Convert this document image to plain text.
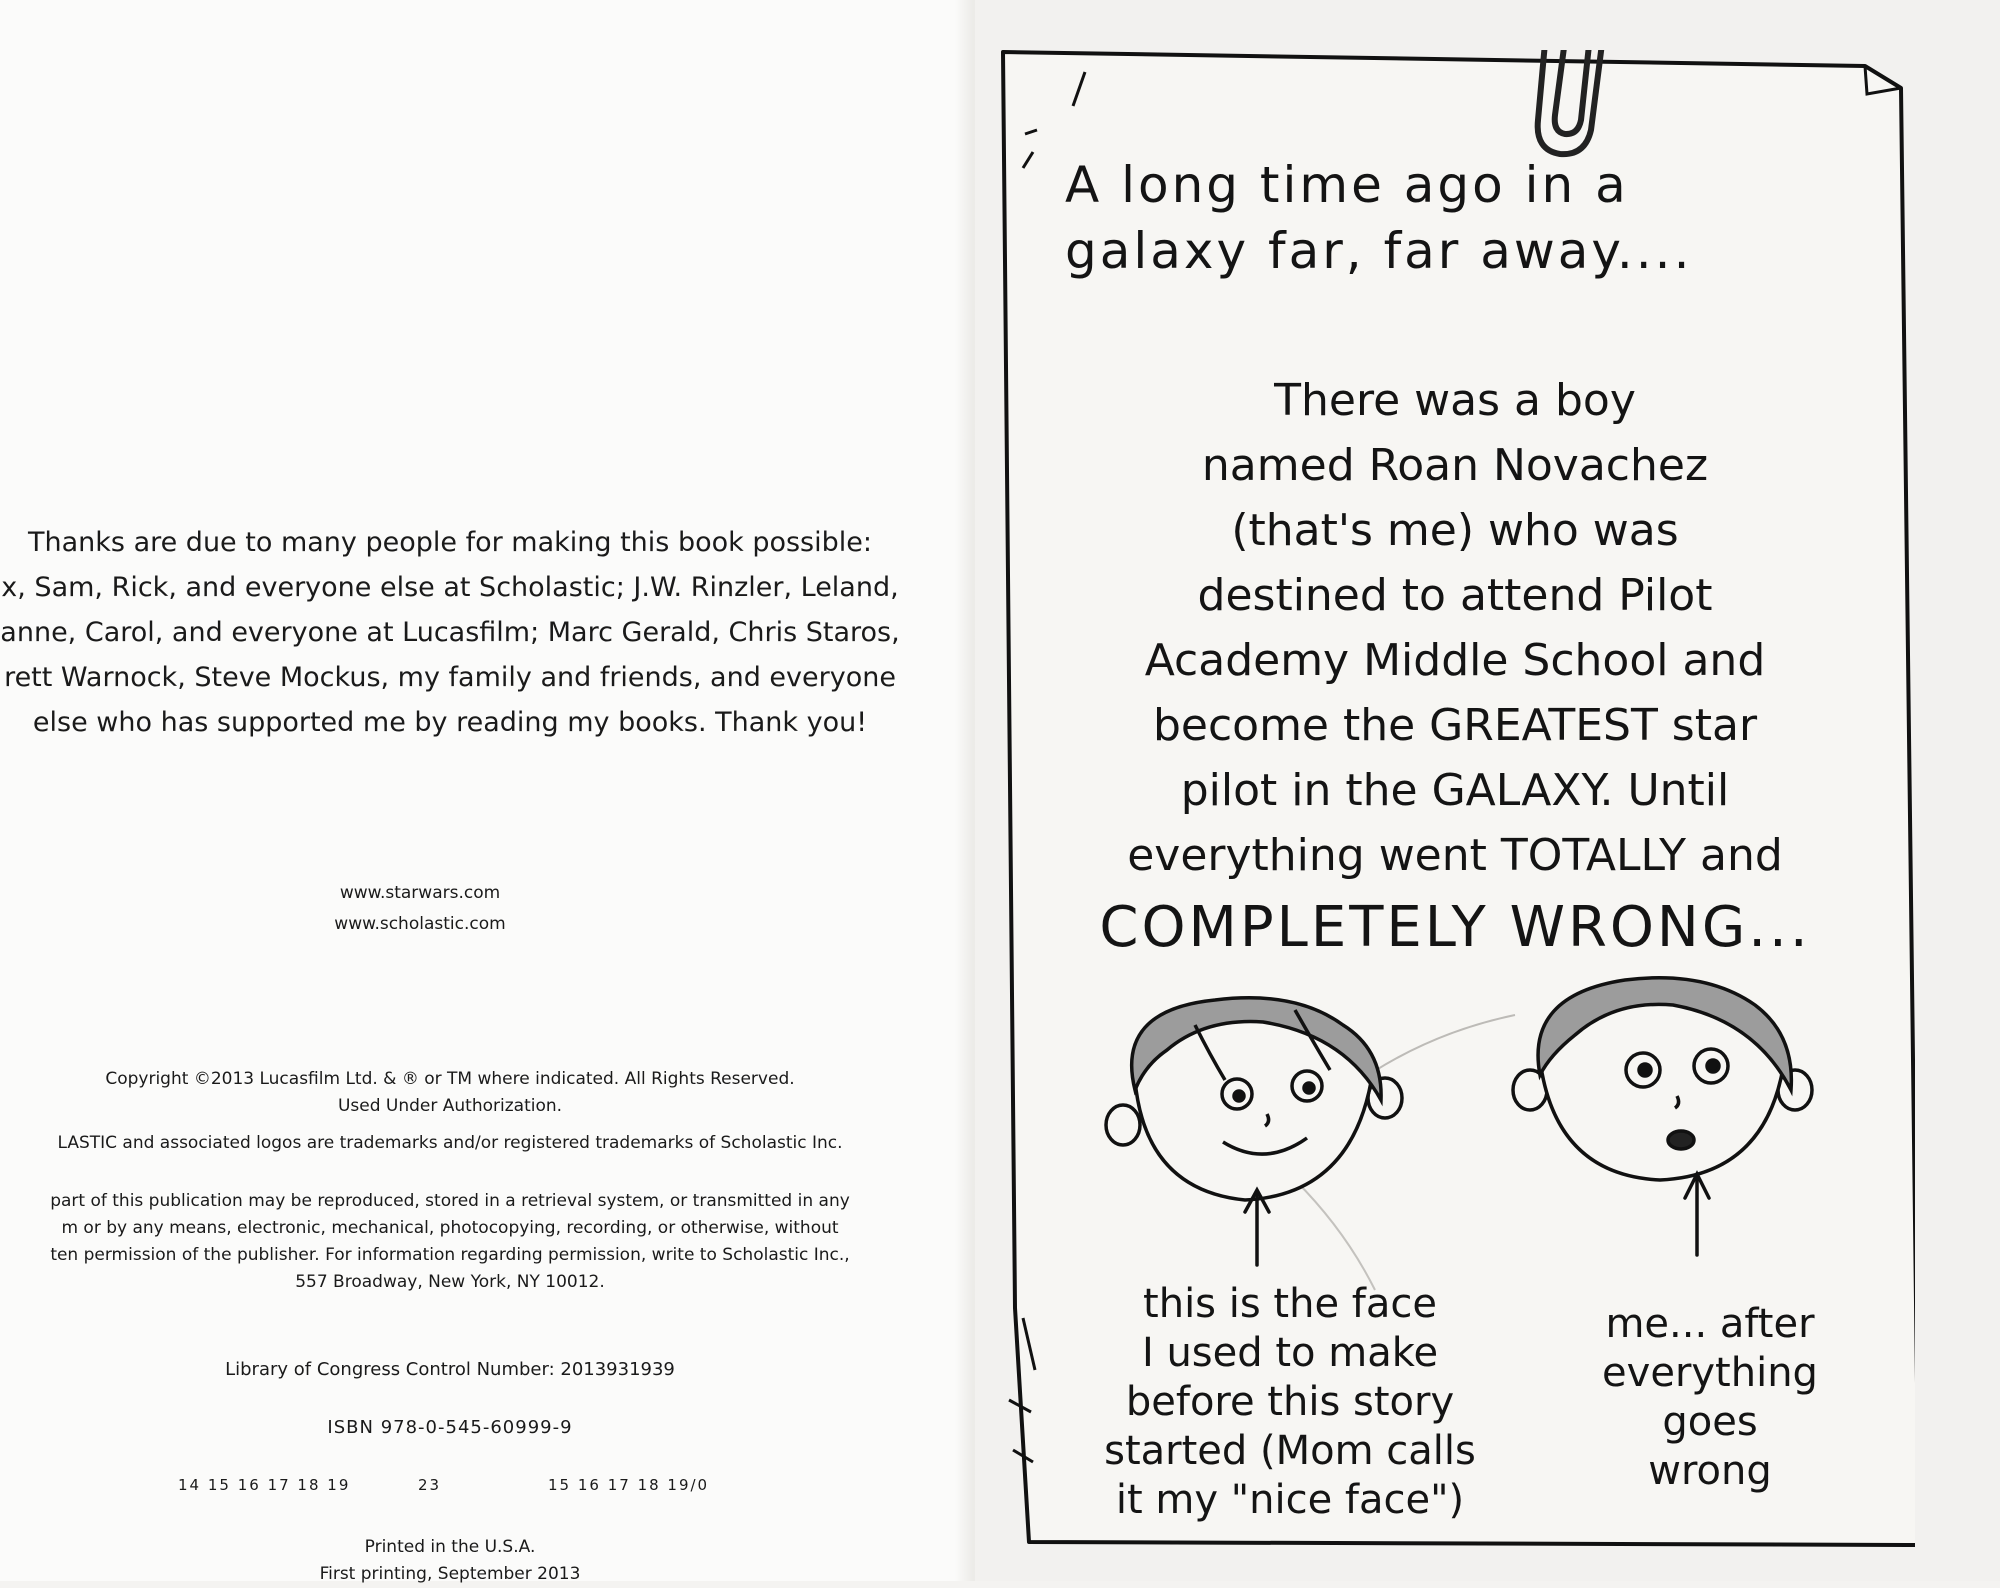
Thanks are due to many people for making this book possible:
x, Sam, Rick, and everyone else at Scholastic; J.W. Rinzler, Leland,
anne, Carol, and everyone at Lucasfilm; Marc Gerald, Chris Staros,
rett Warnock, Steve Mockus, my family and friends, and everyone
else who has supported me by reading my books. Thank you!
www.starwars.com
www.scholastic.com
Copyright ©2013 Lucasfilm Ltd. & ® or TM where indicated. All Rights Reserved.
Used Under Authorization.
LASTIC and associated logos are trademarks and/or registered trademarks of Scholastic Inc.
part of this publication may be reproduced, stored in a retrieval system, or transmitted in any
m or by any means, electronic, mechanical, photocopying, recording, or otherwise, without
ten permission of the publisher. For information regarding permission, write to Scholastic Inc.,
557 Broadway, New York, NY 10012.
Library of Congress Control Number: 2013931939
ISBN 978-0-545-60999-9
14 15 16 17 18 19	23	15 16 17 18 19/0
Printed in the U.S.A.
First printing, September 2013
A long time ago in a
galaxy far, far away....
There was a boy
named Roan Novachez
(that's me) who was
destined to attend Pilot
Academy Middle School and
become the GREATEST star
pilot in the GALAXY. Until
everything went TOTALLY and
COMPLETELY WRONG...
this is the face
I used to make
before this story
started (Mom calls
it my "nice face")
me... after
everything
goes
wrong
